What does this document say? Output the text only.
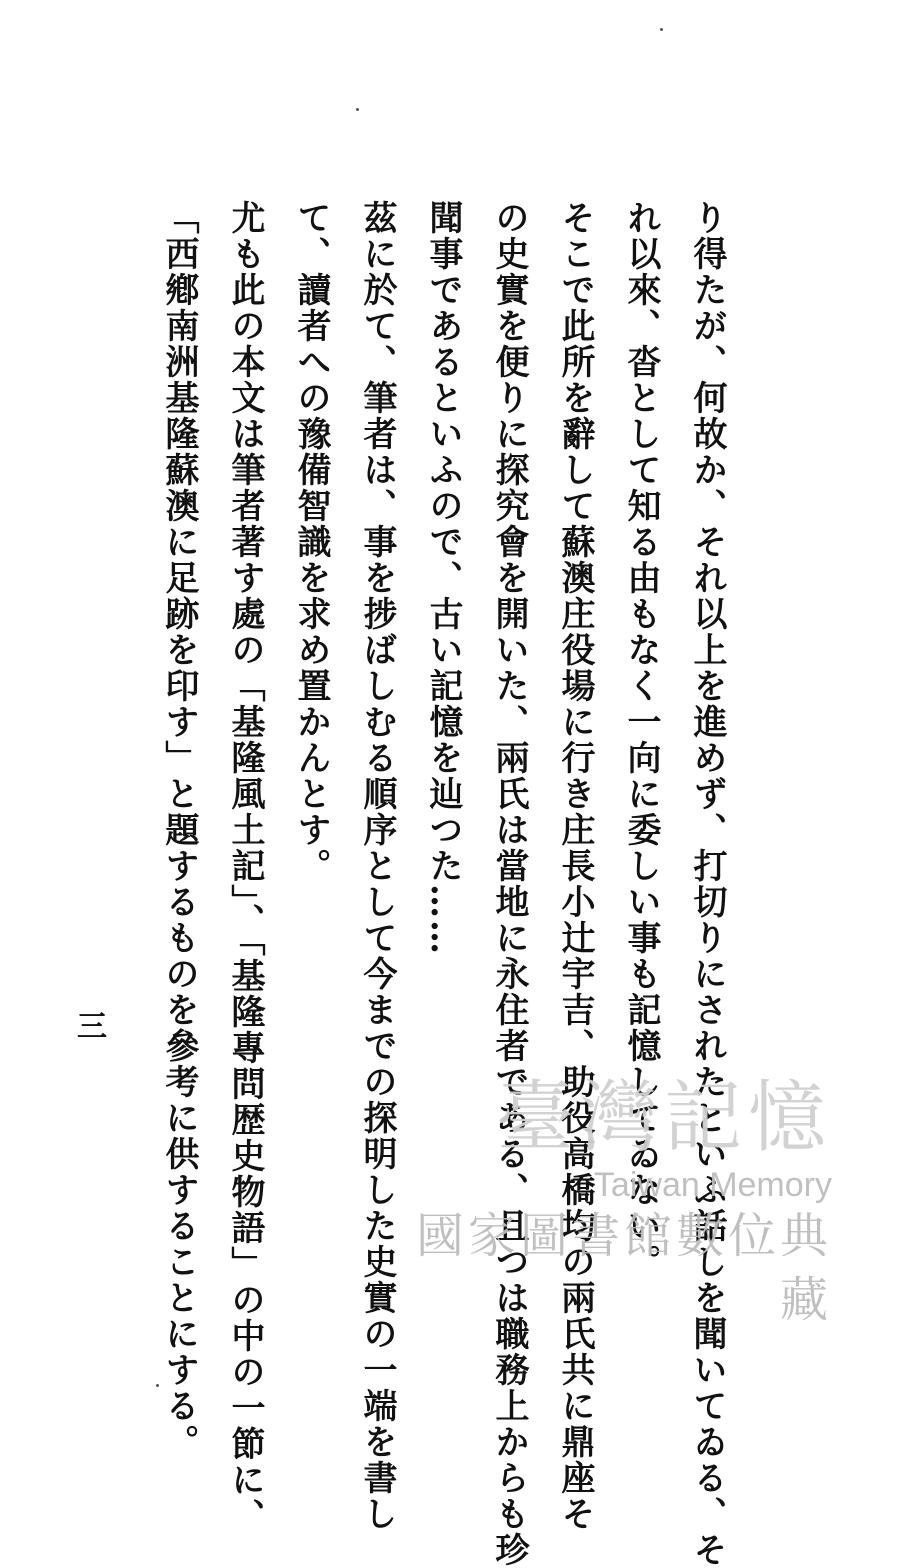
り得たが、何故か、それ以上を進めず、打切りにされたといふ話しを聞いてゐる、そ
れ以來、沓として知る由もなく一向に委しい事も記憶してゐない。
そこで此所を辭して蘇澳庄役場に行き庄長小辻宇吉、助役高橋均の兩氏共に鼎座そ
の史實を便りに探究會を開いた、兩氏は當地に永住者である、且つは職務上からも珍
聞事であるといふので、古い記憶を辿つた……
茲に於て、筆者は、事を捗ばしむる順序として今までの探明した史實の一端を書し
て、讀者への豫備智識を求め置かんとす。
尤も此の本文は筆者著す處の「基隆風土記」、「基隆專問歴史物語」の中の一節に、
「西鄕南洲基隆蘇澳に足跡を印す」と題するものを參考に供することにする。
三
臺灣記憶
Taiwan Memory
國家圖書館數位典藏
